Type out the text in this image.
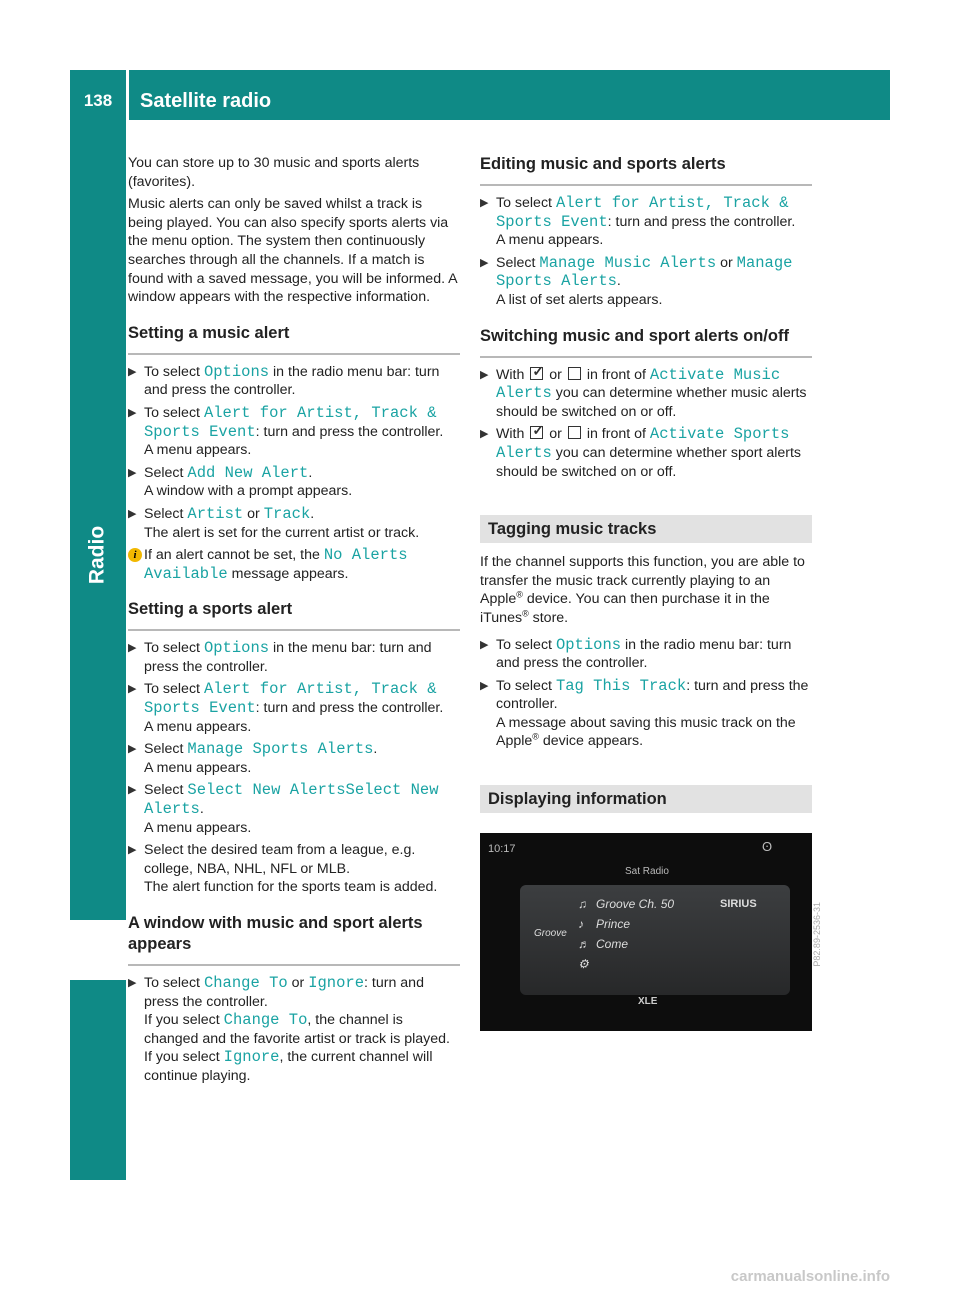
138	Satellite radio
Radio

You can store up to 30 music and sports alerts (favorites).

Music alerts can only be saved whilst a track is being played. You can also specify sports alerts via the menu option. The system then continuously searches through all the channels. If a match is found with a saved message, you will be informed. A window appears with the respective information.

Setting a music alert
▶ To select Options in the radio menu bar: turn and press the controller.
▶ To select Alert for Artist, Track & Sports Event: turn and press the controller.
A menu appears.
▶ Select Add New Alert.
A window with a prompt appears.
▶ Select Artist or Track.
The alert is set for the current artist or track.
i If an alert cannot be set, the No Alerts Available message appears.
Setting a sports alert
▶ To select Options in the menu bar: turn and press the controller.
▶ To select Alert for Artist, Track & Sports Event: turn and press the controller.
A menu appears.
▶ Select Manage Sports Alerts.
A menu appears.
▶ Select Select New AlertsSelect New Alerts.
A menu appears.
▶ Select the desired team from a league, e.g. college, NBA, NHL, NFL or MLB.
The alert function for the sports team is added.
A window with music and sport alerts appears
▶ To select Change To or Ignore: turn and press the controller.
If you select Change To, the channel is changed and the favorite artist or track is played.
If you select Ignore, the current channel will continue playing.
Editing music and sports alerts
▶ To select Alert for Artist, Track & Sports Event: turn and press the controller.
A menu appears.
▶ Select Manage Music Alerts or Manage Sports Alerts.
A list of set alerts appears.
Switching music and sport alerts on/off
▶ With ✓ or in front of Activate Music Alerts you can determine whether music alerts should be switched on or off.
▶ With ✓ or in front of Activate Sports Alerts you can determine whether sport alerts should be switched on or off.
Tagging music tracks

If the channel supports this function, you are able to transfer the music track currently playing to an Apple® device. You can then purchase it in the iTunes® store.

▶ To select Options in the radio menu bar: turn and press the controller.
▶ To select Tag This Track: turn and press the controller.
A message about saving this music track on the Apple® device appears.
Displaying information
10:17
Sat Radio
ʘ
Groove
♫ Groove Ch. 50	SIRIUS
♪ Prince
♬ Come
⚙
XLE
P82.89-2536-31
carmanualsonline.info
